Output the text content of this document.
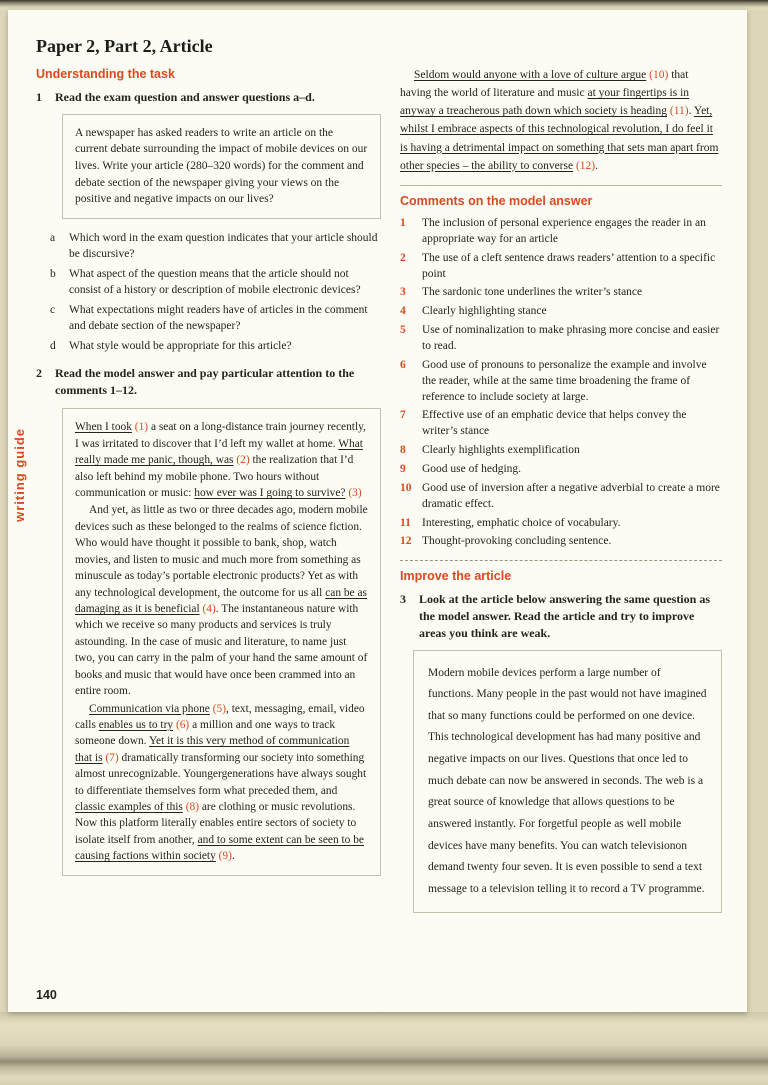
writing guide
Paper 2, Part 2, Article
Understanding the task
1	Read the exam question and answer questions a–d.

A newspaper has asked readers to write an article on the current debate surrounding the impact of mobile devices on our lives. Write your article (280–320 words) for the comment and debate section of the newspaper giving your views on the positive and negative impacts on our lives?

a	Which word in the exam question indicates that your article should be discursive?
b	What aspect of the question means that the article should not consist of a history or description of mobile electronic devices?
c	What expectations might readers have of articles in the comment and debate section of the newspaper?
d	What style would be appropriate for this article?
2	Read the model answer and pay particular attention to the comments 1–12.

When I took (1) a seat on a long-distance train journey recently, I was irritated to discover that I’d left my wallet at home. What really made me panic, though, was (2) the realization that I’d also left behind my mobile phone. Two hours without communication or music: how ever was I going to survive? (3)

And yet, as little as two or three decades ago, modern mobile devices such as these belonged to the realms of science fiction. Who would have thought it possible to bank, shop, watch movies, and listen to music and much more from something as minuscule as today’s portable electronic products? Yet as with any technological development, the outcome for us all can be as damaging as it is beneficial (4). The instantaneous nature with which we receive so many products and services is truly astounding. In the case of music and literature, to name just two, you can carry in the palm of your hand the same amount of books and music that would have once been crammed into an entire room.

Communication via phone (5), text, messaging, email, video calls enables us to try (6) a million and one ways to track someone down. Yet it is this very method of communication that is (7) dramatically transforming our society into something almost unrecognizable. Youngergenerations have always sought to differentiate themselves form what preceded them, and classic examples of this (8) are clothing or music revolutions. Now this platform literally enables entire sectors of society to isolate itself from another, and to some extent can be seen to be causing factions within society (9).

Seldom would anyone with a love of culture argue (10) that having the world of literature and music at your fingertips is in anyway a treacherous path down which society is heading (11). Yet, whilst I embrace aspects of this technological revolution, I do feel it is having a detrimental impact on something that sets man apart from other species – the ability to converse (12).

Comments on the model answer
1	The inclusion of personal experience engages the reader in an appropriate way for an article
2	The use of a cleft sentence draws readers’ attention to a specific point
3	The sardonic tone underlines the writer’s stance
4	Clearly highlighting stance
5	Use of nominalization to make phrasing more concise and easier to read.
6	Good use of pronouns to personalize the example and involve the reader, while at the same time broadening the frame of reference to include society at large.
7	Effective use of an emphatic device that helps convey the writer’s stance
8	Clearly highlights exemplification
9	Good use of hedging.
10 Good use of inversion after a negative adverbial to create a more dramatic effect.
11 Interesting, emphatic choice of vocabulary.
12 Thought-provoking concluding sentence.
Improve the article
3	Look at the article below answering the same question as the model answer. Read the article and try to improve areas you think are weak.

Modern mobile devices perform a large number of functions. Many people in the past would not have imagined that so many functions could be performed on one device. This technological development has had many positive and negative impacts on our lives. Questions that once led to much debate can now be answered in seconds. The web is a great source of knowledge that allows questions to be answered instantly. For forgetful people as well mobile devices have many benefits. You can watch televisionon demand twenty four seven. It is even possible to send a text message to a television telling it to record a TV programme.

140
